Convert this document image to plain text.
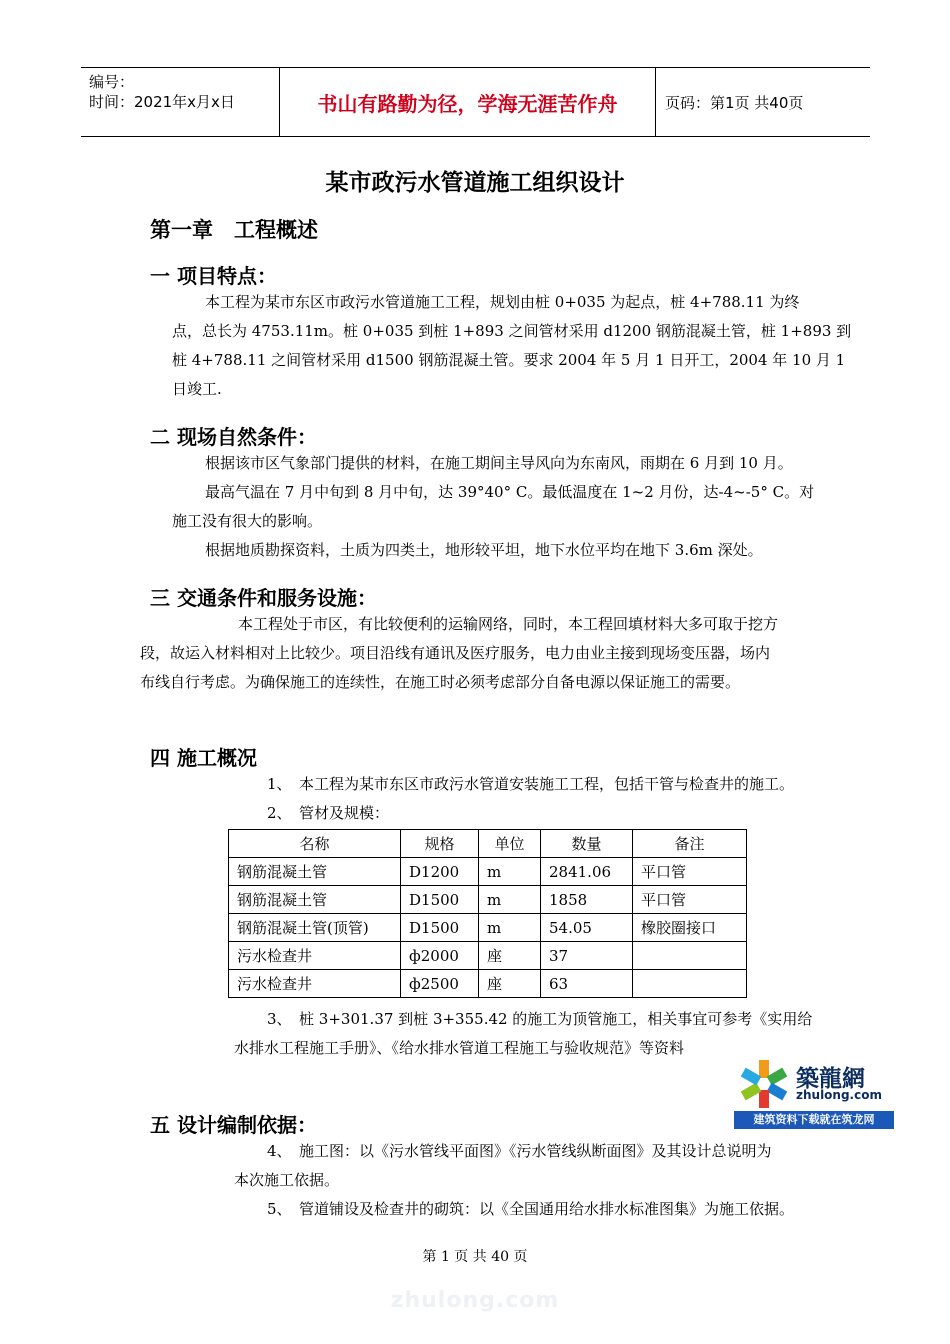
编号：
时间：2021年x月x日	书山有路勤为径，学海无涯苦作舟	页码：第1页 共40页
某市政污水管道施工组织设计
第一章　工程概述
一 项目特点：
本工程为某市东区市政污水管道施工工程，规划由桩 0+035 为起点，桩 4+788.11 为终
点，总长为 4753.11m。桩 0+035 到桩 1+893 之间管材采用 d1200 钢筋混凝土管，桩 1+893 到
桩 4+788.11 之间管材采用 d1500 钢筋混凝土管。要求 2004 年 5 月 1 日开工，2004 年 10 月 1
日竣工.
二 现场自然条件：
根据该市区气象部门提供的材料，在施工期间主导风向为东南风，雨期在 6 月到 10 月。
最高气温在 7 月中旬到 8 月中旬，达 39°40° C。最低温度在 1~2 月份，达-4~-5° C。对
施工没有很大的影响。
根据地质勘探资料，土质为四类土，地形较平坦，地下水位平均在地下 3.6m 深处。
三 交通条件和服务设施：
本工程处于市区，有比较便利的运输网络，同时，本工程回填材料大多可取于挖方
段，故运入材料相对上比较少。项目沿线有通讯及医疗服务，电力由业主接到现场变压器，场内
布线自行考虑。为确保施工的连续性，在施工时必须考虑部分自备电源以保证施工的需要。
四 施工概况
1、　本工程为某市东区市政污水管道安装施工工程，包括干管与检查井的施工。
2、　管材及规模：
名称	规格	单位	数量	备注
钢筋混凝土管	D1200	m	2841.06	平口管
钢筋混凝土管	D1500	m	1858	平口管
钢筋混凝土管(顶管)	D1500	m	54.05	橡胶圈接口
污水检查井	ф2000	座	37	
污水检查井	ф2500	座	63	
3、　桩 3+301.37 到桩 3+355.42 的施工为顶管施工，相关事宜可参考《实用给
水排水工程施工手册》、《给水排水管道工程施工与验收规范》等资料
築龍網
zhulong.com
建筑资料下载就在筑龙网
五 设计编制依据：
4、　施工图：以《污水管线平面图》《污水管线纵断面图》及其设计总说明为
本次施工依据。
5、　管道铺设及检查井的砌筑：以《全国通用给水排水标准图集》为施工依据。
第 1 页 共 40 页
zhulong.com
